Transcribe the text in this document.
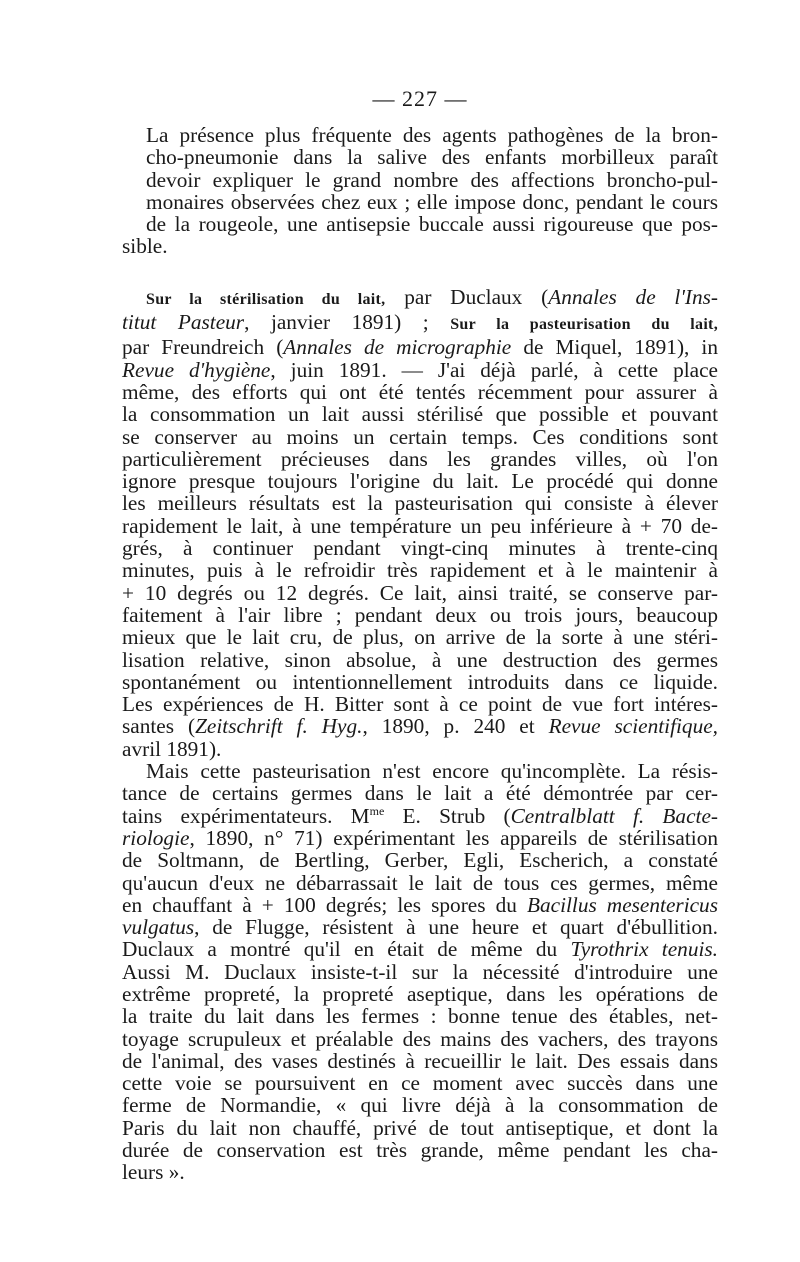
— 227 —
La présence plus fréquente des agents pathogènes de la bron-
cho-pneumonie dans la salive des enfants morbilleux paraît
devoir expliquer le grand nombre des affections broncho-pul-
monaires observées chez eux ; elle impose donc, pendant le cours
de la rougeole, une antisepsie buccale aussi rigoureuse que pos-
sible.
Sur la stérilisation du lait, par Duclaux (Annales de l'Ins-
titut Pasteur, janvier 1891) ; Sur la pasteurisation du lait,
par Freundreich (Annales de micrographie de Miquel, 1891), in
Revue d'hygiène, juin 1891. — J'ai déjà parlé, à cette place
même, des efforts qui ont été tentés récemment pour assurer à
la consommation un lait aussi stérilisé que possible et pouvant
se conserver au moins un certain temps. Ces conditions sont
particulièrement précieuses dans les grandes villes, où l'on
ignore presque toujours l'origine du lait. Le procédé qui donne
les meilleurs résultats est la pasteurisation qui consiste à élever
rapidement le lait, à une température un peu inférieure à + 70 de-
grés, à continuer pendant vingt-cinq minutes à trente-cinq
minutes, puis à le refroidir très rapidement et à le maintenir à
+ 10 degrés ou 12 degrés. Ce lait, ainsi traité, se conserve par-
faitement à l'air libre ; pendant deux ou trois jours, beaucoup
mieux que le lait cru, de plus, on arrive de la sorte à une stéri-
lisation relative, sinon absolue, à une destruction des germes
spontanément ou intentionnellement introduits dans ce liquide.
Les expériences de H. Bitter sont à ce point de vue fort intéres-
santes (Zeitschrift f. Hyg., 1890, p. 240 et Revue scientifique,
avril 1891).
Mais cette pasteurisation n'est encore qu'incomplète. La résis-
tance de certains germes dans le lait a été démontrée par cer-
tains expérimentateurs. $M^{me}$ E. Strub (Centralblatt f. Bacte-
riologie, 1890, n° 71) expérimentant les appareils de stérilisation
de Soltmann, de Bertling, Gerber, Egli, Escherich, a constaté
qu'aucun d'eux ne débarrassait le lait de tous ces germes, même
en chauffant à + 100 degrés; les spores du Bacillus mesentericus
vulgatus, de Flugge, résistent à une heure et quart d'ébullition.
Duclaux a montré qu'il en était de même du Tyrothrix tenuis.
Aussi M. Duclaux insiste-t-il sur la nécessité d'introduire une
extrême propreté, la propreté aseptique, dans les opérations de
la traite du lait dans les fermes : bonne tenue des étables, net-
toyage scrupuleux et préalable des mains des vachers, des trayons
de l'animal, des vases destinés à recueillir le lait. Des essais dans
cette voie se poursuivent en ce moment avec succès dans une
ferme de Normandie, « qui livre déjà à la consommation de
Paris du lait non chauffé, privé de tout antiseptique, et dont la
durée de conservation est très grande, même pendant les cha-
leurs ».
